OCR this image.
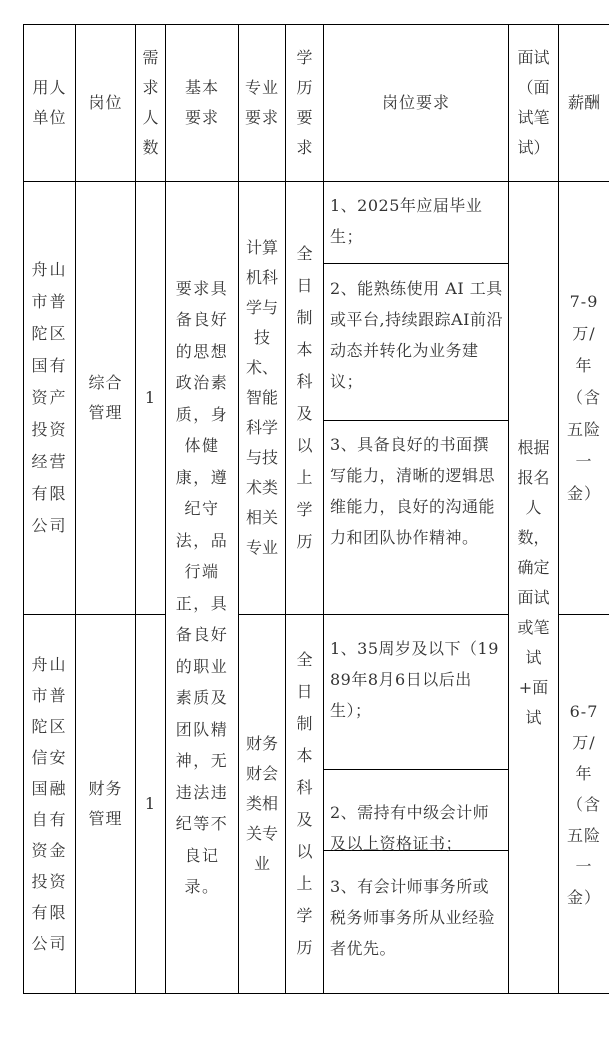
用人单位
岗位
需求人数
基本要求
专业要求
学历要求
岗位要求
面试（面试笔试）
薪酬
舟山市普陀区国有资产投资经营有限公司
综合管理
1
计算机科学与技术、智能科学与技术类相关专业
全日制本科及以上学历
1、2025年应届毕业生；
2、能熟练使用 AI 工具或平台,持续跟踪AI前沿动态并转化为业务建议；
3、具备良好的书面撰写能力，清晰的逻辑思维能力，良好的沟通能力和团队协作精神。
7-9万/年（含五险一金）
要求具备良好的思想政治素质，身体健康，遵纪守法，品行端正，具备良好的职业素质及团队精神，无违法违纪等不良记录。
根据报名人数，确定面试或笔试+面试
舟山市普陀区信安国融自有资金投资有限公司
财务管理
1
财务财会类相关专业
全日制本科及以上学历
1、35周岁及以下（1989年8月6日以后出生）；
2、需持有中级会计师及以上资格证书；
3、有会计师事务所或税务师事务所从业经验者优先。
6-7万/年（含五险一金）
